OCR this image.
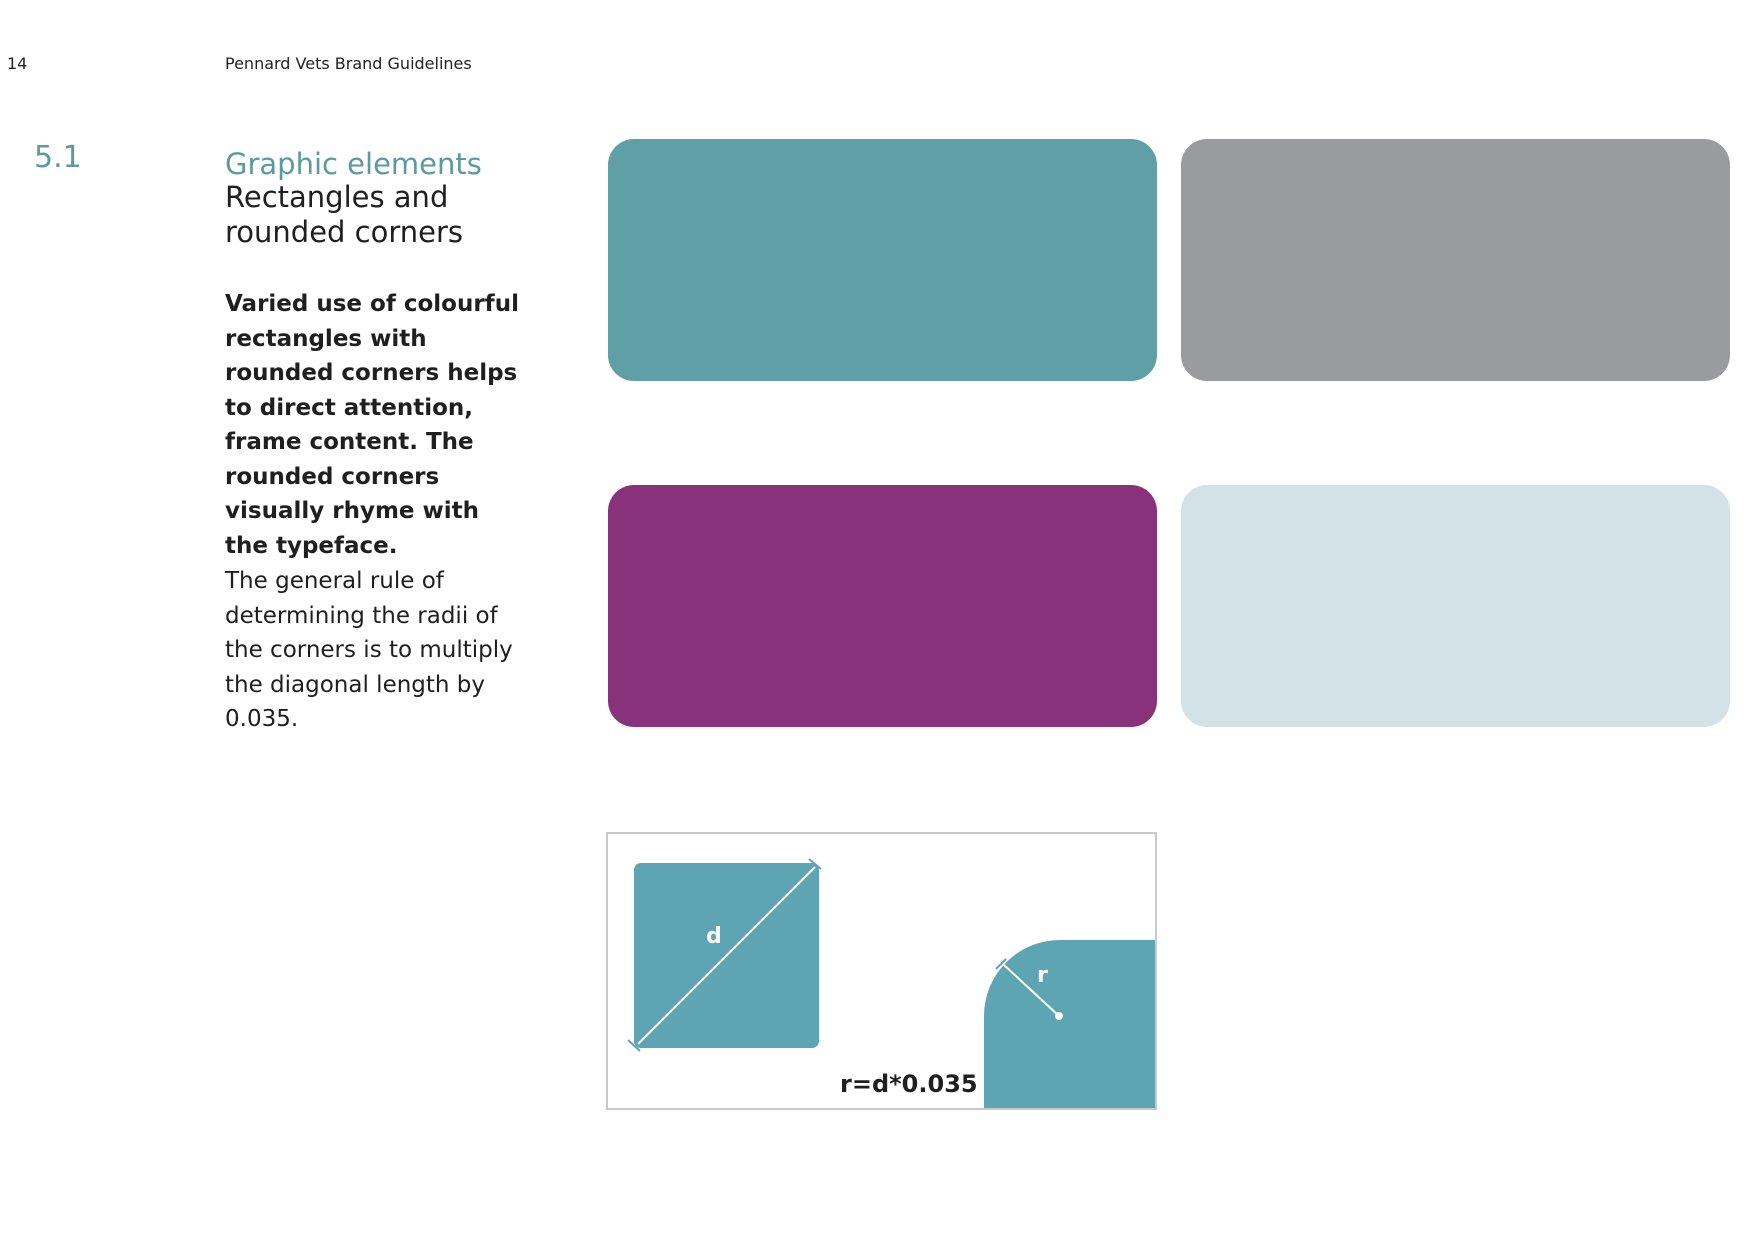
14	Pennard Vets Brand Guidelines
5.1	Graphic elements
Rectangles and rounded corners
Varied use of colourful rectangles with rounded corners helps to direct attention, frame content. The rounded corners visually rhyme with the typeface.
The general rule of determining the radii of the corners is to multiply the diagonal length by 0.035.
d
r
r=d*0.035
